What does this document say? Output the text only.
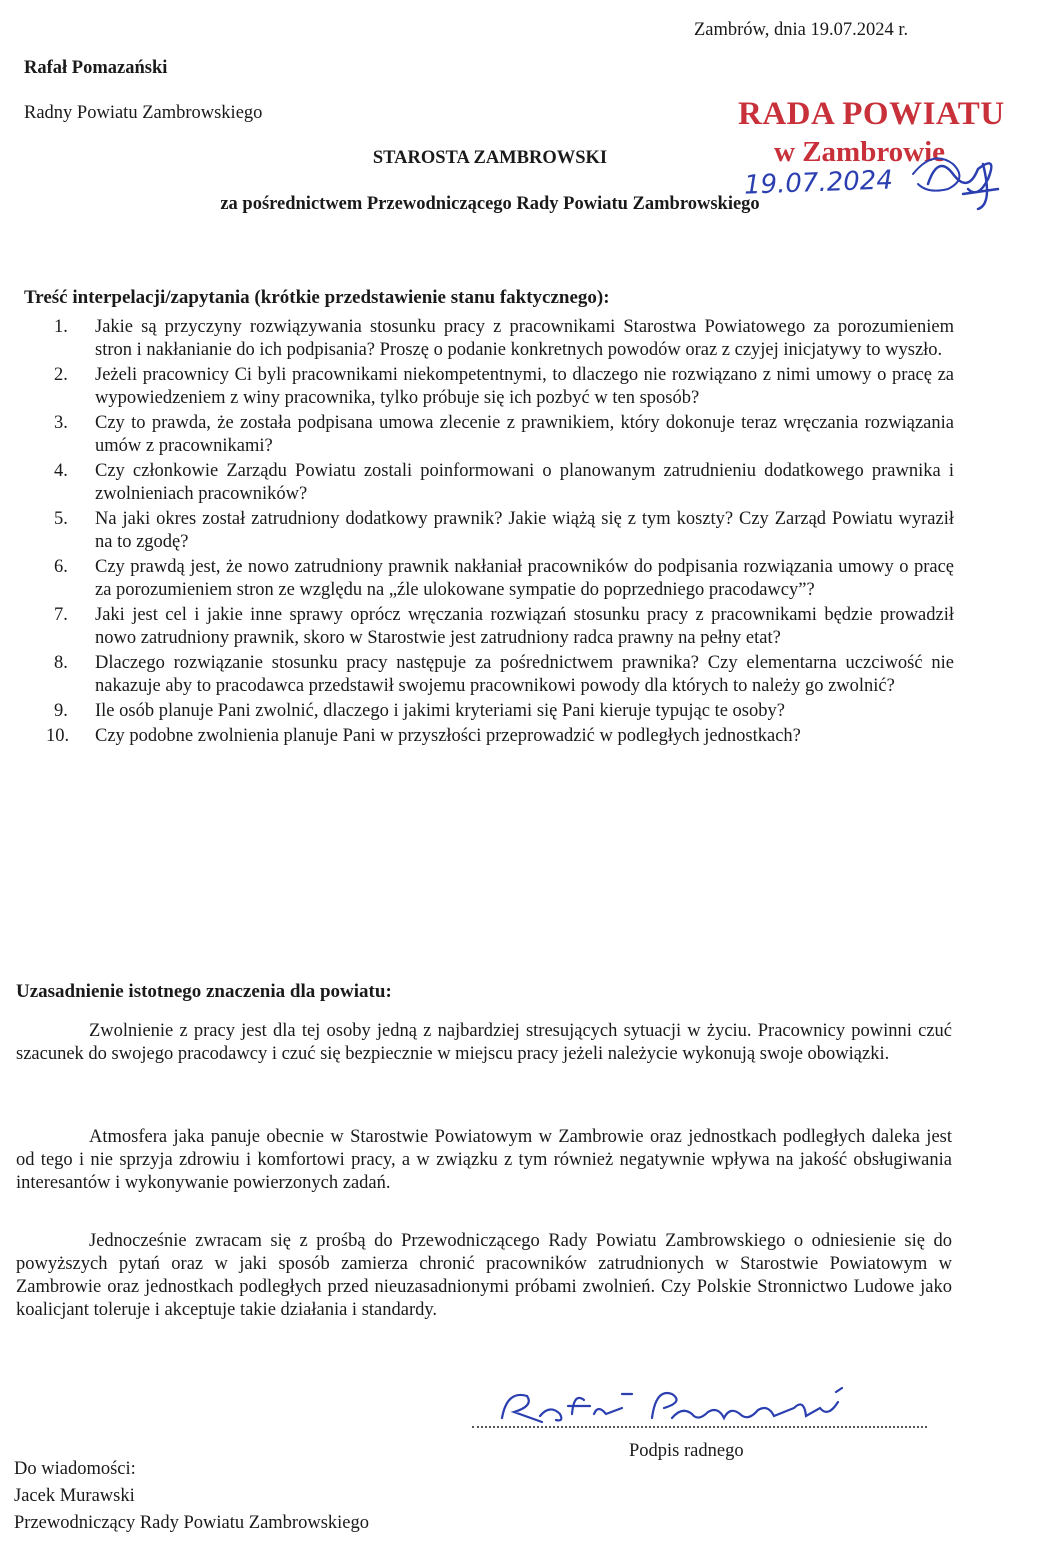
Zambrów, dnia 19.07.2024 r.
Rafał Pomazański
Radny Powiatu Zambrowskiego
STAROSTA ZAMBROWSKI
za pośrednictwem Przewodniczącego Rady Powiatu Zambrowskiego
RADA POWIATU
w Zambrowie
19.07.2024
Treść interpelacji/zapytania (krótkie przedstawienie stanu faktycznego):
1. Jakie są przyczyny rozwiązywania stosunku pracy z pracownikami Starostwa Powiatowego za porozumieniem stron i nakłanianie do ich podpisania? Proszę o podanie konkretnych powodów oraz z czyjej inicjatywy to wyszło.
2. Jeżeli pracownicy Ci byli pracownikami niekompetentnymi, to dlaczego nie rozwiązano z nimi umowy o pracę za wypowiedzeniem z winy pracownika, tylko próbuje się ich pozbyć w ten sposób?
3. Czy to prawda, że została podpisana umowa zlecenie z prawnikiem, który dokonuje teraz wręczania rozwiązania umów z pracownikami?
4. Czy członkowie Zarządu Powiatu zostali poinformowani o planowanym zatrudnieniu dodatkowego prawnika i zwolnieniach pracowników?
5. Na jaki okres został zatrudniony dodatkowy prawnik? Jakie wiążą się z tym koszty? Czy Zarząd Powiatu wyraził na to zgodę?
6. Czy prawdą jest, że nowo zatrudniony prawnik nakłaniał pracowników do podpisania rozwiązania umowy o pracę za porozumieniem stron ze względu na „źle ulokowane sympatie do poprzedniego pracodawcy”?
7. Jaki jest cel i jakie inne sprawy oprócz wręczania rozwiązań stosunku pracy z pracownikami będzie prowadził nowo zatrudniony prawnik, skoro w Starostwie jest zatrudniony radca prawny na pełny etat?
8. Dlaczego rozwiązanie stosunku pracy następuje za pośrednictwem prawnika? Czy elementarna uczciwość nie nakazuje aby to pracodawca przedstawił swojemu pracownikowi powody dla których to należy go zwolnić?
9. Ile osób planuje Pani zwolnić, dlaczego i jakimi kryteriami się Pani kieruje typując te osoby?
10. Czy podobne zwolnienia planuje Pani w przyszłości przeprowadzić w podległych jednostkach?
Uzasadnienie istotnego znaczenia dla powiatu:
Zwolnienie z pracy jest dla tej osoby jedną z najbardziej stresujących sytuacji w życiu. Pracownicy powinni czuć szacunek do swojego pracodawcy i czuć się bezpiecznie w miejscu pracy jeżeli należycie wykonują swoje obowiązki.
Atmosfera jaka panuje obecnie w Starostwie Powiatowym w Zambrowie oraz jednostkach podległych daleka jest od tego i nie sprzyja zdrowiu i komfortowi pracy, a w związku z tym również negatywnie wpływa na jakość obsługiwania interesantów i wykonywanie powierzonych zadań.
Jednocześnie zwracam się z prośbą do Przewodniczącego Rady Powiatu Zambrowskiego o odniesienie się do powyższych pytań oraz w jaki sposób zamierza chronić pracowników zatrudnionych w Starostwie Powiatowym w Zambrowie oraz jednostkach podległych przed nieuzasadnionymi próbami zwolnień. Czy Polskie Stronnictwo Ludowe jako koalicjant toleruje i akceptuje takie działania i standardy.
Podpis radnego
Do wiadomości:
Jacek Murawski
Przewodniczący Rady Powiatu Zambrowskiego
